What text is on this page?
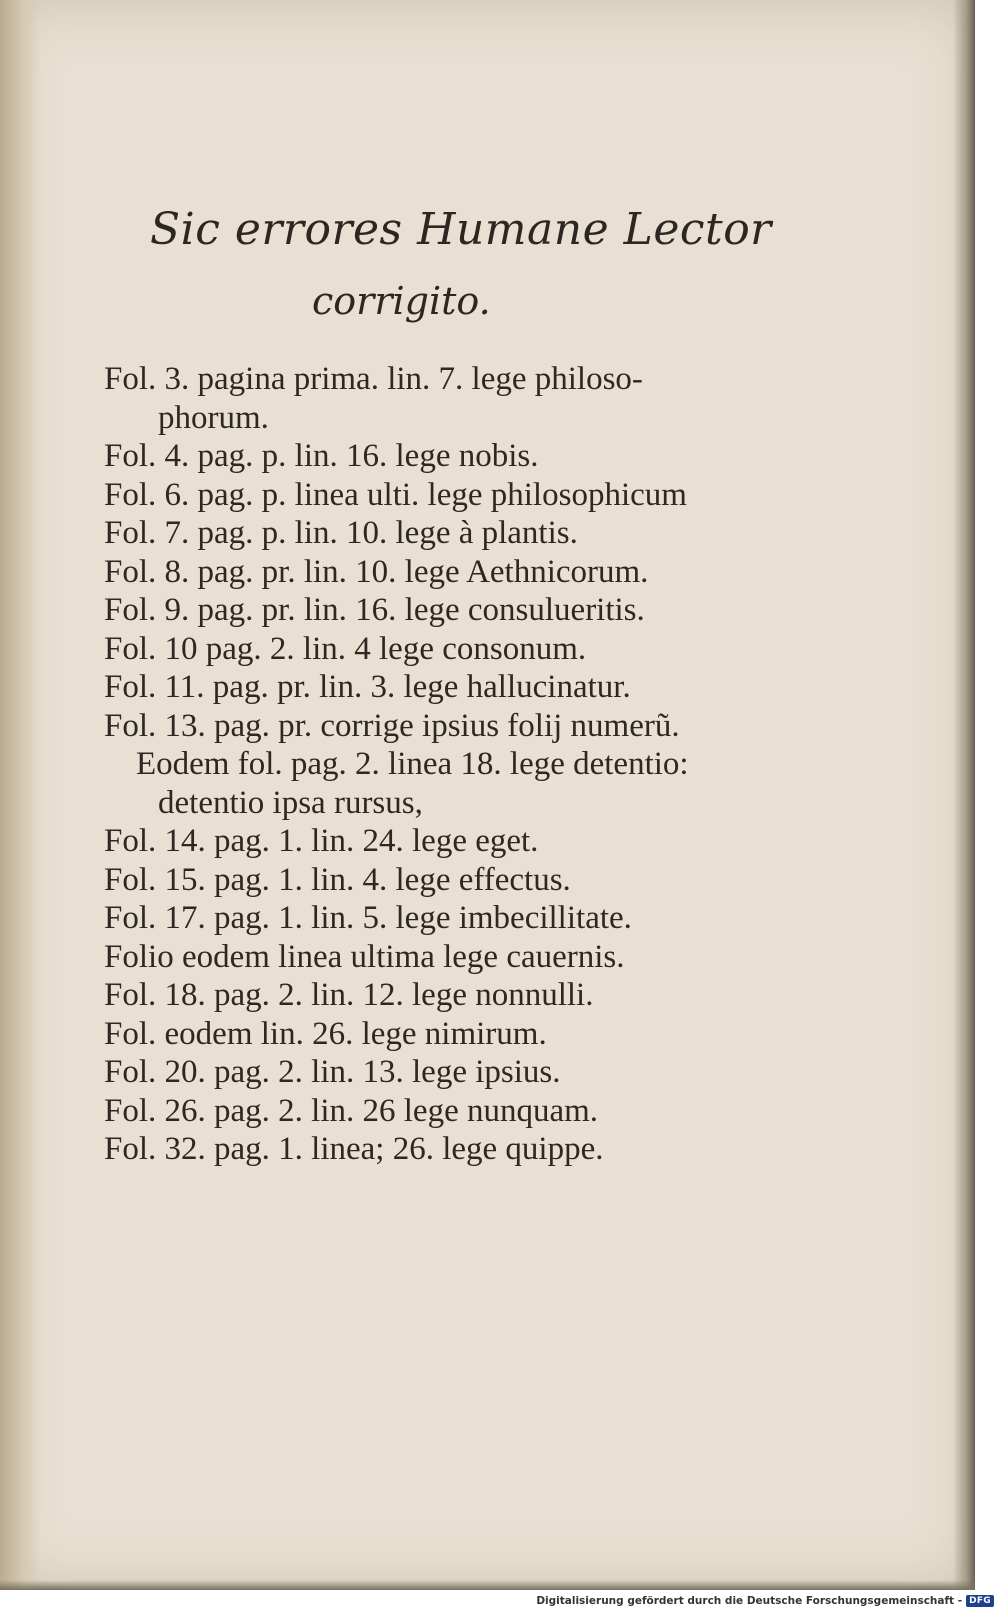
Sic errores Humane Lector
corrigito.
Fol. 3. pagina prima. lin. 7. lege philoso-
phorum.
Fol. 4. pag. p. lin. 16. lege nobis.
Fol. 6. pag. p. linea ulti. lege philosophicum
Fol. 7. pag. p. lin. 10. lege à plantis.
Fol. 8. pag. pr. lin. 10. lege Aethnicorum.
Fol. 9. pag. pr. lin. 16. lege consulueritis.
Fol. 10 pag. 2. lin. 4 lege consonum.
Fol. 11. pag. pr. lin. 3. lege hallucinatur.
Fol. 13. pag. pr. corrige ipsius folij numerũ.
Eodem fol. pag. 2. linea 18. lege detentio:
detentio ipsa rursus,
Fol. 14. pag. 1. lin. 24. lege eget.
Fol. 15. pag. 1. lin. 4. lege effectus.
Fol. 17. pag. 1. lin. 5. lege imbecillitate.
Folio eodem linea ultima lege cauernis.
Fol. 18. pag. 2. lin. 12. lege nonnulli.
Fol. eodem lin. 26. lege nimirum.
Fol. 20. pag. 2. lin. 13. lege ipsius.
Fol. 26. pag. 2. lin. 26 lege nunquam.
Fol. 32. pag. 1. linea; 26. lege quippe.
Digitalisierung gefördert durch die Deutsche Forschungsgemeinschaft - DFG
